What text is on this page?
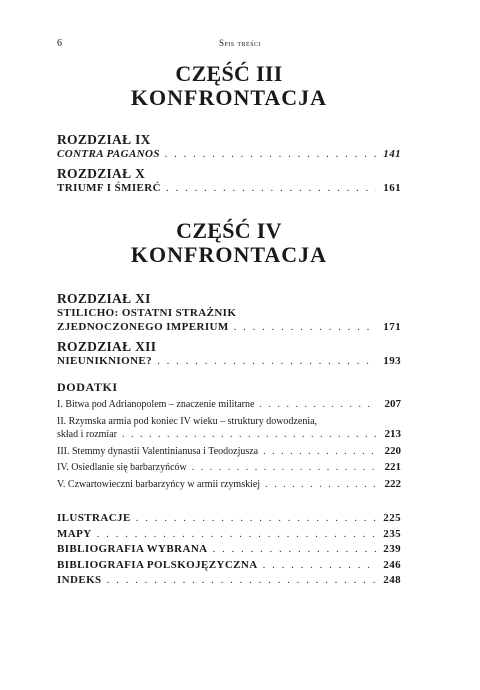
6	Spis treści
CZĘŚĆ III
KONFRONTACJA
ROZDZIAŁ IX
CONTRA PAGANOS . . .	141
ROZDZIAŁ X
TRIUMF I ŚMIERĆ . . .	161
CZĘŚĆ IV
KONFRONTACJA
ROZDZIAŁ XI
STILICHO: OSTATNI STRAŻNIK
ZJEDNOCZONEGO IMPERIUM . . .	171
ROZDZIAŁ XII
NIEUNIKNIONE? . . .	193
DODATKI
I. Bitwa pod Adrianopolem – znaczenie militarne . . .	207
II. Rzymska armia pod koniec IV wieku – struktury dowodzenia,
skład i rozmiar . . .	213
III. Stemmy dynastii Valentinianusa i Teodozjusza . . .	220
IV. Osiedlanie się barbarzyńców . . .	221
V. Czwartowieczni barbarzyńcy w armii rzymskiej . . .	222
ILUSTRACJE . . .	225
MAPY . . .	235
BIBLIOGRAFIA WYBRANA . . .	239
BIBLIOGRAFIA POLSKOJĘZYCZNA . . .	246
INDEKS . . .	248
